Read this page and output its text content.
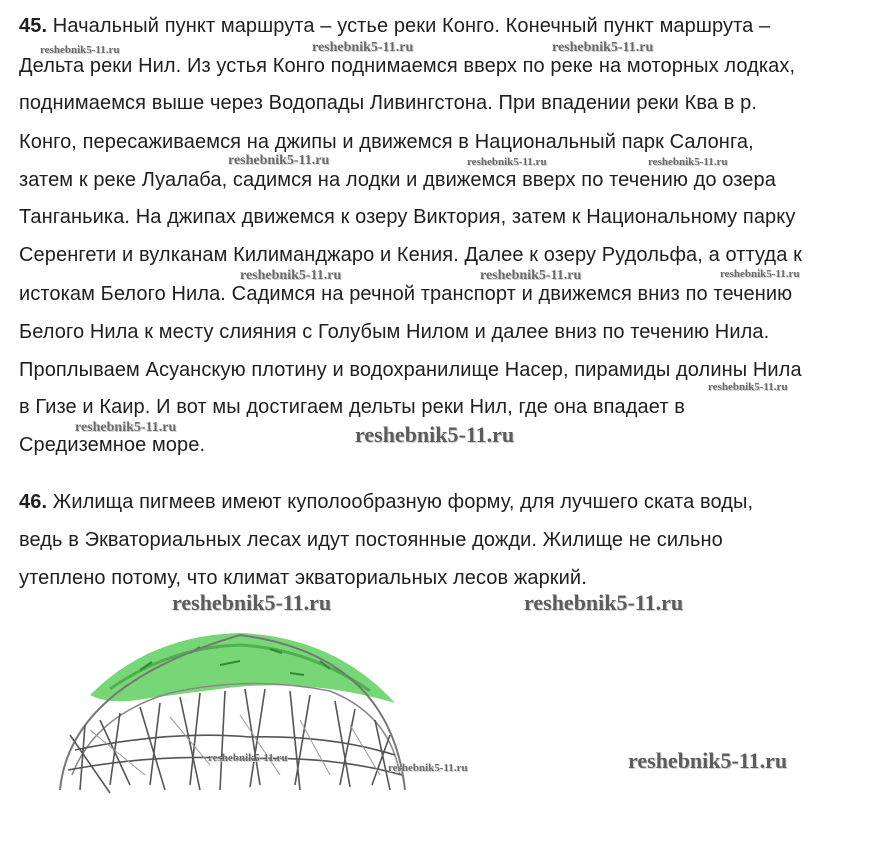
45. Начальный пункт маршрута – устье реки Конго. Конечный пункт маршрута –
Дельта реки Нил. Из устья Конго поднимаемся вверх по реке на моторных лодках,
поднимаемся выше через Водопады Ливингстона. При впадении реки Ква в р.
Конго, пересаживаемся на джипы и движемся в Национальный парк Салонга,
затем к реке Луалаба, садимся на лодки и движемся вверх по течению до озера
Танганьика. На джипах движемся к озеру Виктория, затем к Национальному парку
Серенгети и вулканам Килиманджаро и Кения. Далее к озеру Рудольфа, а оттуда к
истокам Белого Нила. Садимся на речной транспорт и движемся вниз по течению
Белого Нила к месту слияния с Голубым Нилом и далее вниз по течению Нила.
Проплываем Асуанскую плотину и водохранилище Насер, пирамиды долины Нила
в Гизе и Каир. И вот мы достигаем дельты реки Нил, где она впадает в
Средиземное море.
46. Жилища пигмеев имеют куполообразную форму, для лучшего ската воды,
ведь в Экваториальных лесах идут постоянные дожди. Жилище не сильно
утеплено потому, что климат экваториальных лесов жаркий.
reshebnik5-11.ru	reshebnik5-11.ru	reshebnik5-11.ru
reshebnik5-11.ru	reshebnik5-11.ru	reshebnik5-11.ru
reshebnik5-11.ru	reshebnik5-11.ru	reshebnik5-11.ru
reshebnik5-11.ru
reshebnik5-11.ru	reshebnik5-11.ru
reshebnik5-11.ru	reshebnik5-11.ru
reshebnik5-11.ru
reshebnik5-11.ru	reshebnik5-11.ru
